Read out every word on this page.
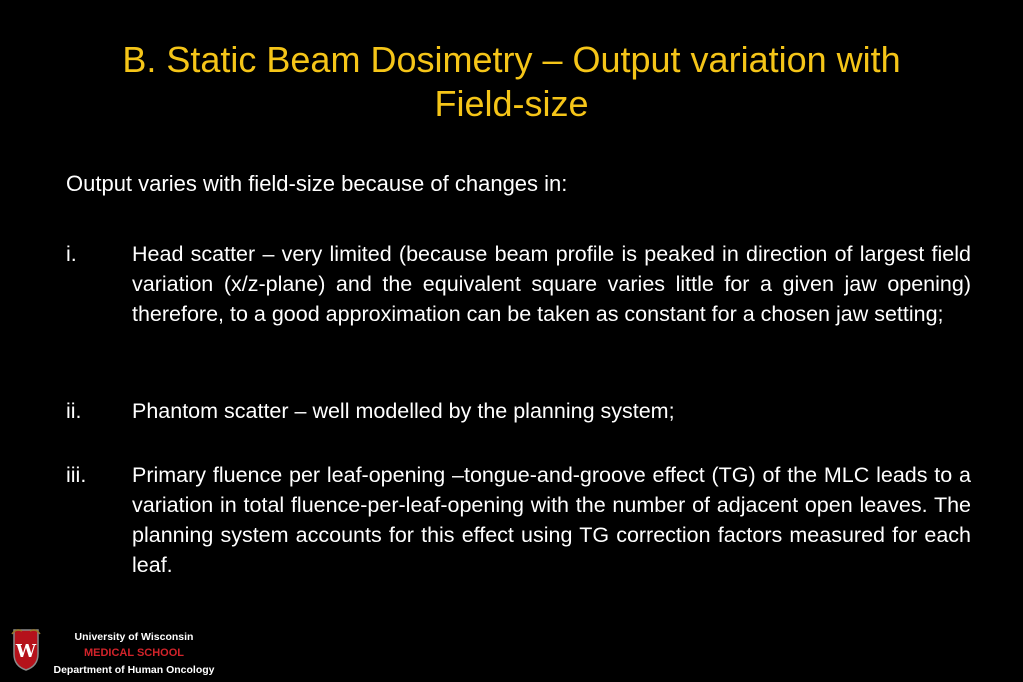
B. Static Beam Dosimetry – Output variation with
Field-size

Output varies with field-size because of changes in:

i.	Head scatter – very limited (because beam profile is peaked in direction of largest field variation (x/z-plane) and the equivalent square varies little for a given jaw opening) therefore, to a good approximation can be taken as constant for a chosen jaw setting;
ii.	Phantom scatter – well modelled by the planning system;
iii.	Primary fluence per leaf-opening –tongue-and-groove effect (TG) of the MLC leads to a variation in total fluence-per-leaf-opening with the number of adjacent open leaves. The planning system accounts for this effect using TG correction factors measured for each leaf.
W

University of Wisconsin

MEDICAL SCHOOL

Department of Human Oncology
